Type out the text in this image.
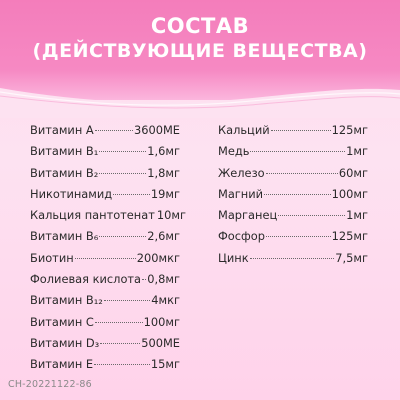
СОСТАВ
(ДЕЙСТВУЮЩИЕ ВЕЩЕСТВА)
Витамин A	3600МЕ
Витамин B₁	1,6мг
Витамин B₂	1,8мг
Никотинамид	19мг
Кальция пантотенат 10мг
Витамин B₆	2,6мг
Биотин	200мкг
Фолиевая кислота 0,8мг
Витамин B₁₂	4мкг
Витамин C	100мг
Витамин D₃	500МЕ
Витамин E	15мг
Кальций	125мг
Медь	1мг
Железо	60мг
Магний	100мг
Марганец	1мг
Фосфор	125мг
Цинк	7,5мг
СН-20221122-86
